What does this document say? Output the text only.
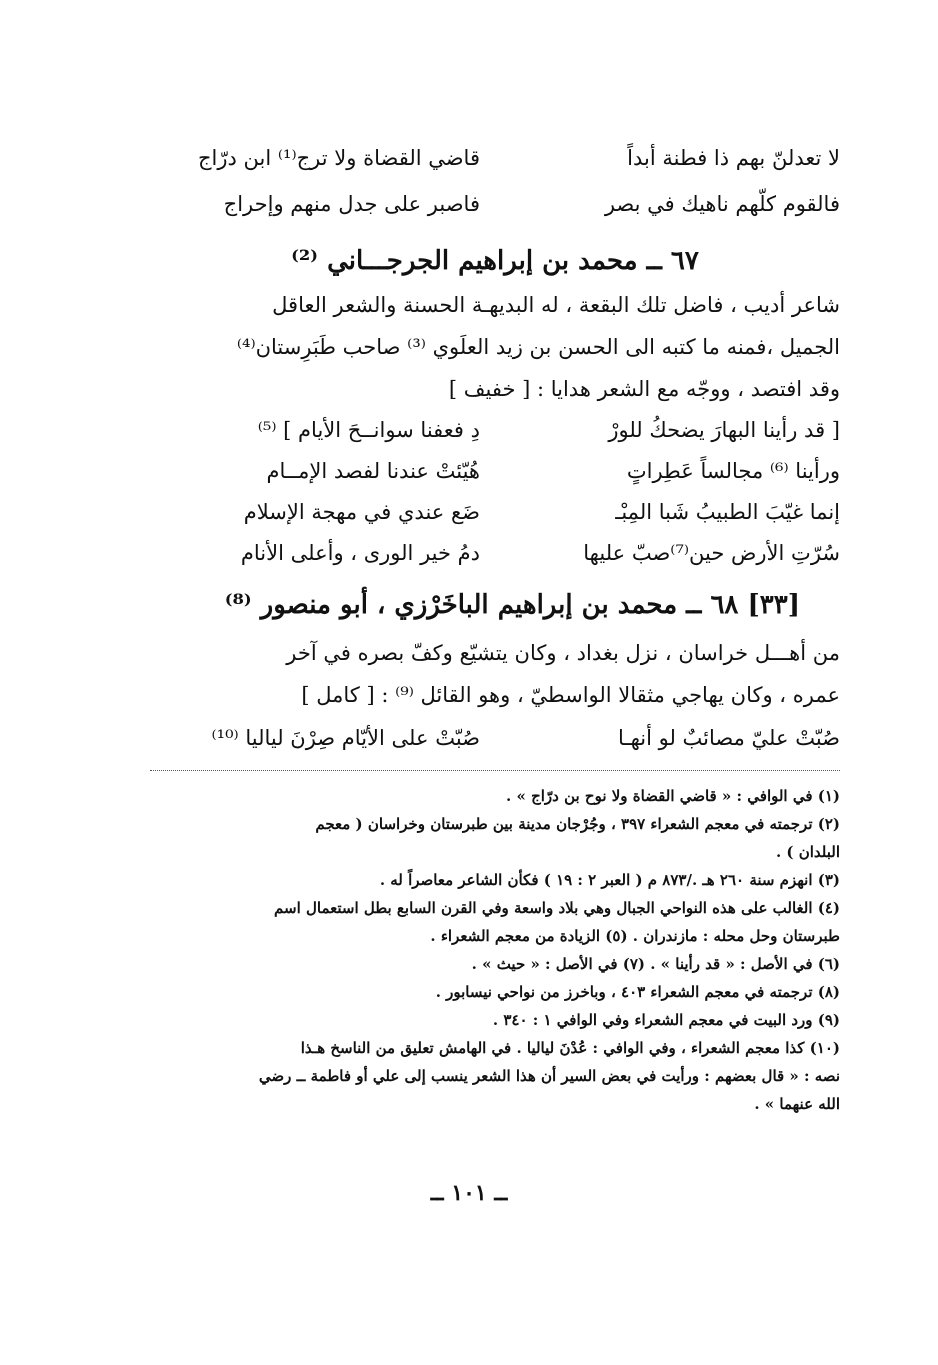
لا تعدلنّ بهم ذا فطنة أبداً
قاضي القضاة ولا ترج⁽¹⁾ ابن درّاج
فالقوم كلّهم ناهيك في بصر
فاصبر على جدل منهم وإحراج
٦٧ ــ محمد بن إبراهيم الجرجـــاني ⁽²⁾

شاعر أديب ، فاضل تلك البقعة ، له البديهـة الحسنة والشعر العاقل

الجميل ،فمنه ما كتبه الى الحسن بن زيد العلَوي ⁽³⁾ صاحب طَبَرِستان⁽⁴⁾

وقد افتصد ، ووجّه مع الشعر هدايا : [ خفيف ]

[ قد رأينا البهارَ يضحكُ للورْ
دِ فعفنا سوانــحَ الأيام ] ⁽⁵⁾
ورأينا ⁽⁶⁾ مجالساً عَطِراتٍ
هُيّئتْ عندنا لفصد الإمــام
إنما غيّبَ الطبيبُ شَبا المِبْـ
ضَع عندي في مهجة الإسلام
سُرّتِ الأرض حين⁽⁷⁾صبّ عليها
دمُ خير الورى ، وأعلى الأنام
[٣٣] ٦٨ ــ محمد بن إبراهيم الباخَرْزي ، أبو منصور ⁽⁸⁾

من أهـــل خراسان ، نزل بغداد ، وكان يتشيّع وكفّ بصره في آخر

عمره ، وكان يهاجي مثقالا الواسطيّ ، وهو القائل ⁽⁹⁾ : [ كامل ]

صُبّتْ عليّ مصائبٌ لو أنهـا
صُبّتْ على الأيّام صِرْنَ لياليا ⁽¹⁰⁾

(١) في الوافي : « قاضي القضاة ولا نوح بن درّاج » .

(٢) ترجمته في معجم الشعراء ٣٩٧ ، وجُرْجان مدينة بين طبرستان وخراسان ( معجم

البلدان ) .

(٣) انهزم سنة ٢٦٠ هـ ./٨٧٣ م ( العبر ٢ : ١٩ ) فكأن الشاعر معاصراً له .

(٤) الغالب على هذه النواحي الجبال وهي بلاد واسعة وفي القرن السابع بطل استعمال اسم

طبرستان وحل محله : مازندران . (٥) الزيادة من معجم الشعراء .

(٦) في الأصل : « قد رأينا » . (٧) في الأصل : « حيث » .

(٨) ترجمته في معجم الشعراء ٤٠٣ ، وباخرز من نواحي نيسابور .

(٩) ورد البيت في معجم الشعراء وفي الوافي ١ : ٣٤٠ .

(١٠) كذا معجم الشعراء ، وفي الوافي : عُدْنَ لياليا . في الهامش تعليق من الناسخ هـذا

نصه : « قال بعضهم : ورأيت في بعض السير أن هذا الشعر ينسب إلى علي أو فاطمة ــ رضي

الله عنهما » .

ــ ١٠١ ــ
